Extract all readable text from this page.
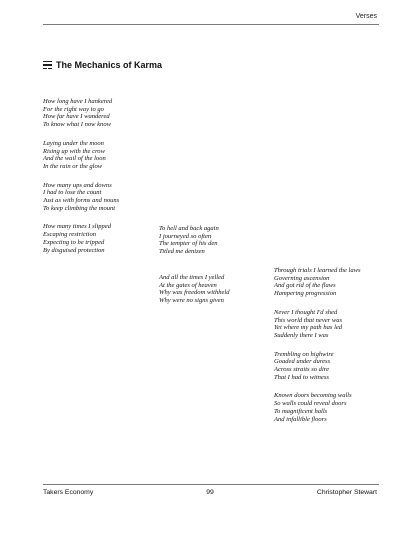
Verses
The Mechanics of Karma
How long have I hankered
For the right way to go
How far have I wandered
To know what I now know
Laying under the moon
Rising up with the crow
And the wail of the loon
In the rain or the glow
How many ups and downs
I had to lose the count
Just as with forms and nouns
To keep climbing the mount
How many times I slipped
Escaping restriction
Expecting to be tripped
By disguised protection
To hell and back again
I journeyed so often
The tempter of his den
Titled me denizen
And all the times I yelled
At the gates of heaven
Why was freedom withheld
Why were no signs given
Through trials I learned the laws
Governing ascension
And got rid of the flaws
Hampering progression
Never I thought I'd shed
This world that never was
Yet where my path has led
Suddenly there I was
Trembling on highwire
Goaded under duress
Across straits so dire
That I had to witness
Known doors becoming walls
So walls could reveal doors
To magnificent halls
And infallible floors
Takers Economy	99	Christopher Stewart
